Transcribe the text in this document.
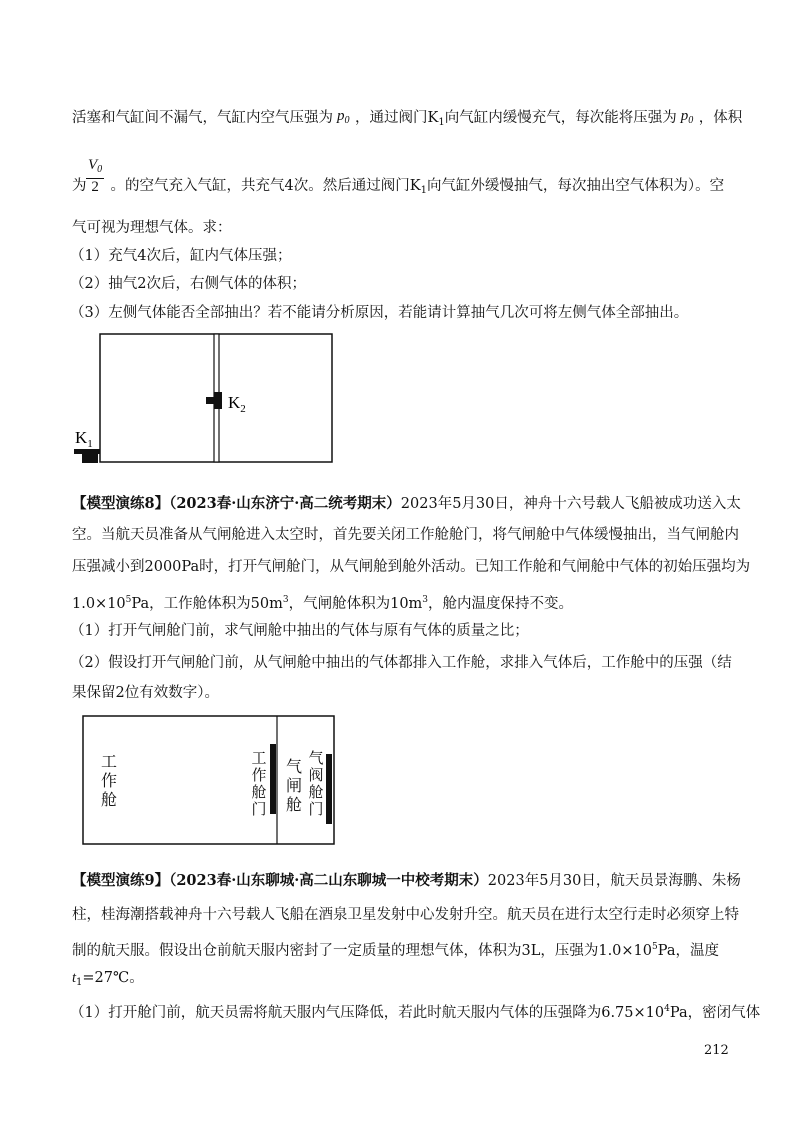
活塞和气缸间不漏气，气缸内空气压强为 $p_0$ ，通过阀门$K_1$向气缸内缓慢充气，每次能将压强为 $p_0$ ，体积
$\frac{V_0}{2}$
为 。的空气充入气缸，共充气4次。然后通过阀门$K_1$向气缸外缓慢抽气，每次抽出空气体积为）。空
气可视为理想气体。求：
（1）充气4次后，缸内气体压强；
（2）抽气2次后，右侧气体的体积；
（3）左侧气体能否全部抽出？若不能请分析原因，若能请计算抽气几次可将左侧气体全部抽出。
$K_2$
$K_1$
【模型演练8】（2023春·山东济宁·高二统考期末）2023年5月30日，神舟十六号载人飞船被成功送入太
空。当航天员准备从气闸舱进入太空时，首先要关闭工作舱舱门，将气闸舱中气体缓慢抽出，当气闸舱内
压强减小到2000Pa时，打开气闸舱门，从气闸舱到舱外活动。已知工作舱和气闸舱中气体的初始压强均为
$1.0\times 10^5Pa$，工作舱体积为$50m^3$，气闸舱体积为$10m^3$，舱内温度保持不变。
（1）打开气闸舱门前，求气闸舱中抽出的气体与原有气体的质量之比；
（2）假设打开气闸舱门前，从气闸舱中抽出的气体都排入工作舱，求排入气体后，工作舱中的压强（结
果保留2位有效数字）。
工作舱
工作舱门
气闸舱
气阀舱门
【模型演练9】（2023春·山东聊城·高二山东聊城一中校考期末）2023年5月30日，航天员景海鹏、朱杨
柱，桂海潮搭载神舟十六号载人飞船在酒泉卫星发射中心发射升空。航天员在进行太空行走时必须穿上特
制的航天服。假设出仓前航天服内密封了一定质量的理想气体，体积为3L，压强为$1.0\times 10^5Pa$，温度
$t_1=27℃$。
（1）打开舱门前，航天员需将航天服内气压降低，若此时航天服内气体的压强降为$6.75\times 10^4Pa$，密闭气体
212
